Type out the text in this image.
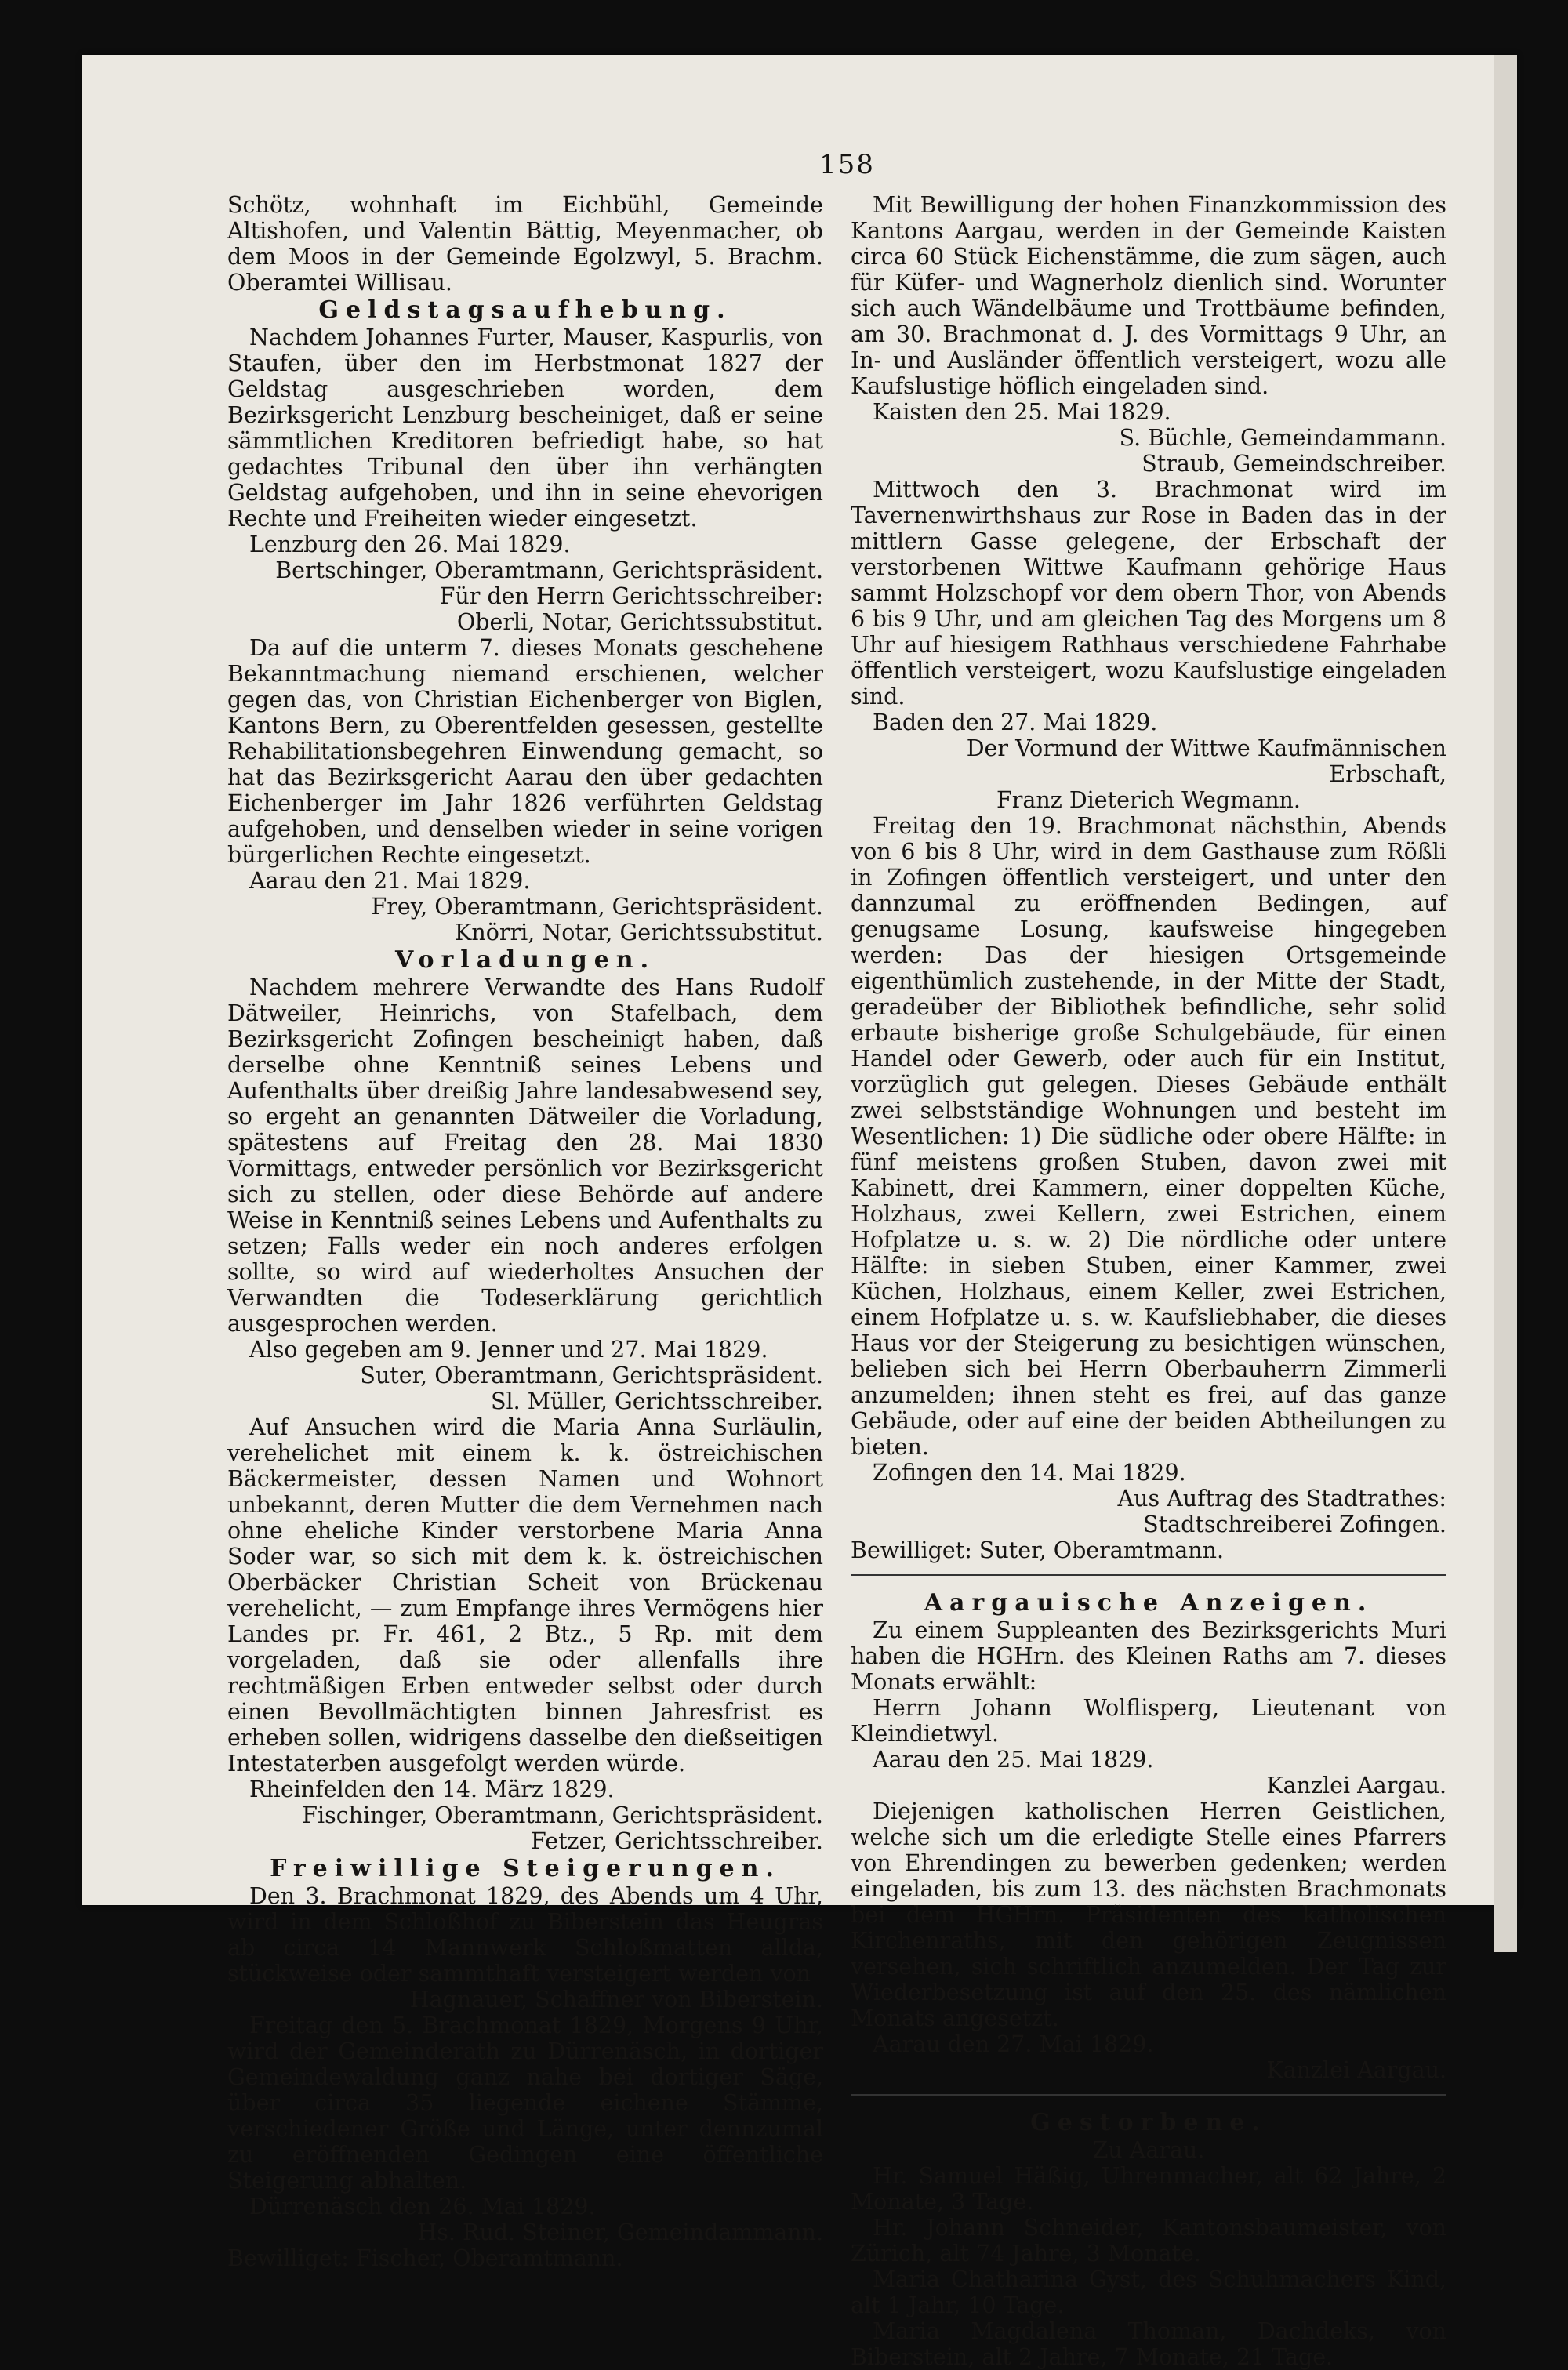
158

Schötz, wohnhaft im Eichbühl, Gemeinde Altishofen, und Valentin Bättig, Meyenmacher, ob dem Moos in der Gemeinde Egolzwyl, 5. Brachm. Oberamtei Willisau.

Geldstagsaufhebung.

Nachdem Johannes Furter, Mauser, Kaspurlis, von Staufen, über den im Herbstmonat 1827 der Geldstag ausgeschrieben worden, dem Bezirksgericht Lenzburg bescheiniget, daß er seine sämmtlichen Kreditoren befriedigt habe, so hat gedachtes Tribunal den über ihn verhängten Geldstag aufgehoben, und ihn in seine ehevorigen Rechte und Freiheiten wieder eingesetzt.

Lenzburg den 26. Mai 1829.

Bertschinger, Oberamtmann, Gerichtspräsident.

Für den Herrn Gerichtsschreiber:

Oberli, Notar, Gerichtssubstitut.

Da auf die unterm 7. dieses Monats geschehene Bekanntmachung niemand erschienen, welcher gegen das, von Christian Eichenberger von Biglen, Kantons Bern, zu Oberentfelden gesessen, gestellte Rehabilitationsbegehren Einwendung gemacht, so hat das Bezirksgericht Aarau den über gedachten Eichenberger im Jahr 1826 verführten Geldstag aufgehoben, und denselben wieder in seine vorigen bürgerlichen Rechte eingesetzt.

Aarau den 21. Mai 1829.

Frey, Oberamtmann, Gerichtspräsident.

Knörri, Notar, Gerichtssubstitut.

Vorladungen.

Nachdem mehrere Verwandte des Hans Rudolf Dätweiler, Heinrichs, von Stafelbach, dem Bezirksgericht Zofingen bescheinigt haben, daß derselbe ohne Kenntniß seines Lebens und Aufenthalts über dreißig Jahre landesabwesend sey, so ergeht an genannten Dätweiler die Vorladung, spätestens auf Freitag den 28. Mai 1830 Vormittags, entweder persönlich vor Bezirksgericht sich zu stellen, oder diese Behörde auf andere Weise in Kenntniß seines Lebens und Aufenthalts zu setzen; Falls weder ein noch anderes erfolgen sollte, so wird auf wiederholtes Ansuchen der Verwandten die Todeserklärung gerichtlich ausgesprochen werden.

Also gegeben am 9. Jenner und 27. Mai 1829.

Suter, Oberamtmann, Gerichtspräsident.

Sl. Müller, Gerichtsschreiber.

Auf Ansuchen wird die Maria Anna Surläulin, verehelichet mit einem k. k. östreichischen Bäckermeister, dessen Namen und Wohnort unbekannt, deren Mutter die dem Vernehmen nach ohne eheliche Kinder verstorbene Maria Anna Soder war, so sich mit dem k. k. östreichischen Oberbäcker Christian Scheit von Brückenau verehelicht, — zum Empfange ihres Vermögens hier Landes pr. Fr. 461, 2 Btz., 5 Rp. mit dem vorgeladen, daß sie oder allenfalls ihre rechtmäßigen Erben entweder selbst oder durch einen Bevollmächtigten binnen Jahresfrist es erheben sollen, widrigens dasselbe den dießseitigen Intestaterben ausgefolgt werden würde.

Rheinfelden den 14. März 1829.

Fischinger, Oberamtmann, Gerichtspräsident.

Fetzer, Gerichtsschreiber.

Freiwillige Steigerungen.

Den 3. Brachmonat 1829, des Abends um 4 Uhr, wird in dem Schloßhof zu Biberstein das Heugras ab circa 14 Mannwerk Schloßmatten allda, stückweise oder sammthaft versteigert werden von

Hagnauer, Schaffner von Biberstein.

Freitag den 5. Brachmonat 1829, Morgens 9 Uhr, wird der Gemeinderath zu Dürrenäsch, in dortiger Gemeindewaldung ganz nahe bei dortiger Säge, über circa 35 liegende eichene Stämme, verschiedener Größe und Länge, unter dennzumal zu eröffnenden Gedingen eine öffentliche Steigerung abhalten.

Dürrenäsch den 26. Mai 1829.

Hs. Rud. Steiner, Gemeindammann.

Bewilliget: Fischer, Oberamtmann.

Mit Bewilligung der hohen Finanzkommission des Kantons Aargau, werden in der Gemeinde Kaisten circa 60 Stück Eichenstämme, die zum sägen, auch für Küfer- und Wagnerholz dienlich sind. Worunter sich auch Wändelbäume und Trottbäume befinden, am 30. Brachmonat d. J. des Vormittags 9 Uhr, an In- und Ausländer öffentlich versteigert, wozu alle Kaufslustige höflich eingeladen sind.

Kaisten den 25. Mai 1829.

S. Büchle, Gemeindammann.

Straub, Gemeindschreiber.

Mittwoch den 3. Brachmonat wird im Tavernenwirthshaus zur Rose in Baden das in der mittlern Gasse gelegene, der Erbschaft der verstorbenen Wittwe Kaufmann gehörige Haus sammt Holzschopf vor dem obern Thor, von Abends 6 bis 9 Uhr, und am gleichen Tag des Morgens um 8 Uhr auf hiesigem Rathhaus verschiedene Fahrhabe öffentlich versteigert, wozu Kaufslustige eingeladen sind.

Baden den 27. Mai 1829.

Der Vormund der Wittwe Kaufmännischen Erbschaft,

Franz Dieterich Wegmann.

Freitag den 19. Brachmonat nächsthin, Abends von 6 bis 8 Uhr, wird in dem Gasthause zum Rößli in Zofingen öffentlich versteigert, und unter den dannzumal zu eröffnenden Bedingen, auf genugsame Losung, kaufsweise hingegeben werden: Das der hiesigen Ortsgemeinde eigenthümlich zustehende, in der Mitte der Stadt, geradeüber der Bibliothek befindliche, sehr solid erbaute bisherige große Schulgebäude, für einen Handel oder Gewerb, oder auch für ein Institut, vorzüglich gut gelegen. Dieses Gebäude enthält zwei selbstständige Wohnungen und besteht im Wesentlichen: 1) Die südliche oder obere Hälfte: in fünf meistens großen Stuben, davon zwei mit Kabinett, drei Kammern, einer doppelten Küche, Holzhaus, zwei Kellern, zwei Estrichen, einem Hofplatze u. s. w. 2) Die nördliche oder untere Hälfte: in sieben Stuben, einer Kammer, zwei Küchen, Holzhaus, einem Keller, zwei Estrichen, einem Hofplatze u. s. w. Kaufsliebhaber, die dieses Haus vor der Steigerung zu besichtigen wünschen, belieben sich bei Herrn Oberbauherrn Zimmerli anzumelden; ihnen steht es frei, auf das ganze Gebäude, oder auf eine der beiden Abtheilungen zu bieten.

Zofingen den 14. Mai 1829.

Aus Auftrag des Stadtrathes:

Stadtschreiberei Zofingen.

Bewilliget: Suter, Oberamtmann.

Aargauische Anzeigen.

Zu einem Suppleanten des Bezirksgerichts Muri haben die HGHrn. des Kleinen Raths am 7. dieses Monats erwählt:

Herrn Johann Wolflisperg, Lieutenant von Kleindietwyl.

Aarau den 25. Mai 1829.

Kanzlei Aargau.

Diejenigen katholischen Herren Geistlichen, welche sich um die erledigte Stelle eines Pfarrers von Ehrendingen zu bewerben gedenken; werden eingeladen, bis zum 13. des nächsten Brachmonats bei dem HGHrn. Präsidenten des katholischen Kirchenraths, mit den gehörigen Zeugnissen versehen, sich schriftlich anzumelden. Der Tag zur Wiederbesetzung ist auf den 25. des nämlichen Monats angesetzt.

Aarau den 27. Mai 1829.

Kanzlei Aargau.

Gestorbene.

Zu Aarau.

Hr. Samuel Häßig, Uhrenmacher, alt 62 Jahre, 2 Monate, 3 Tage.

Hr. Johann Schneider, Kantonsbaumeister, von Zürich, alt 74 Jahre, 3 Monate.

Maria Chatharina Gyst, des Schuhmachers Kind, alt 1 Jahr, 10 Tage.

Maria Magdalena Thoman, Dachdeks, von Biberstein, alt 2 Jahre, 7 Monate, 21 Tage.
